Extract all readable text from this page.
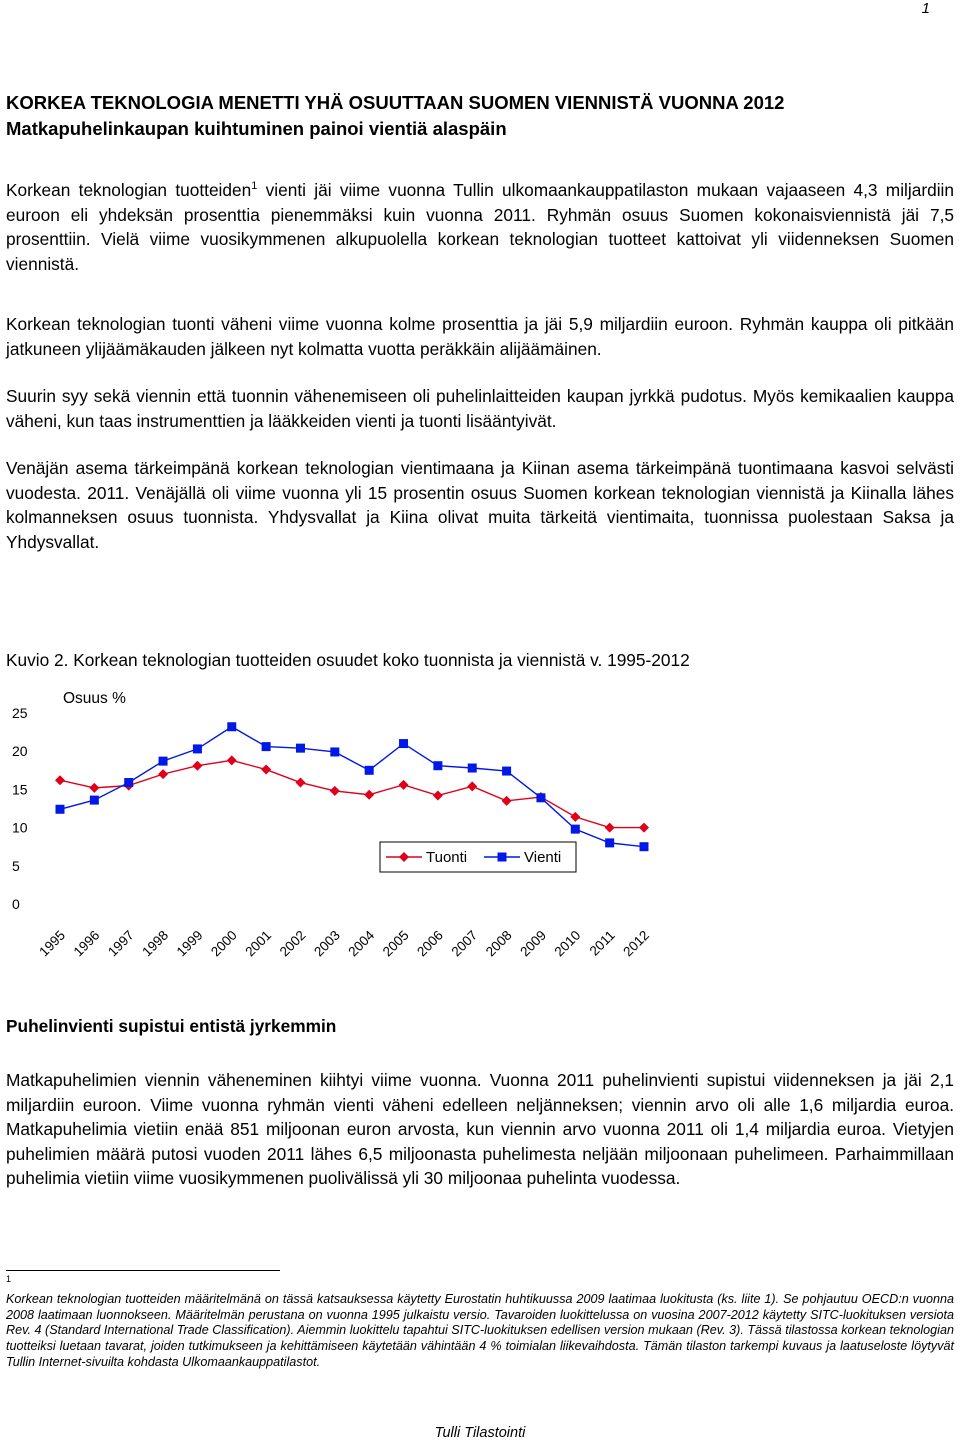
1
KORKEA TEKNOLOGIA MENETTI YHÄ OSUUTTAAN SUOMEN VIENNISTÄ VUONNA 2012
Matkapuhelinkaupan kuihtuminen painoi vientiä alaspäin
Korkean teknologian tuotteiden$^1$ vienti jäi viime vuonna Tullin ulkomaankauppatilaston mukaan vajaaseen 4,3 miljardiin euroon eli yhdeksän prosenttia pienemmäksi kuin vuonna 2011. Ryhmän osuus Suomen kokonaisviennistä jäi 7,5 prosenttiin. Vielä viime vuosikymmenen alkupuolella korkean teknologian tuotteet kattoivat yli viidenneksen Suomen viennistä.
Korkean teknologian tuonti väheni viime vuonna kolme prosenttia ja jäi 5,9 miljardiin euroon. Ryhmän kauppa oli pitkään jatkuneen ylijäämäkauden jälkeen nyt kolmatta vuotta peräkkäin alijäämäinen.
Suurin syy sekä viennin että tuonnin vähenemiseen oli puhelinlaitteiden kaupan jyrkkä pudotus. Myös kemikaalien kauppa väheni, kun taas instrumenttien ja lääkkeiden vienti ja tuonti lisääntyivät.
Venäjän asema tärkeimpänä korkean teknologian vientimaana ja Kiinan asema tärkeimpänä tuontimaana kasvoi selvästi vuodesta. 2011. Venäjällä oli viime vuonna yli 15 prosentin osuus Suomen korkean teknologian viennistä ja Kiinalla lähes kolmanneksen osuus tuonnista. Yhdysvallat ja Kiina olivat muita tärkeitä vientimaita, tuonnissa puolestaan Saksa ja Yhdysvallat.
Kuvio 2. Korkean teknologian tuotteiden osuudet koko tuonnista ja viennistä v. 1995-2012
Osuus %
0
5
10
15
20
25
1995 1996 1997 1998 1999 2000 2001 2002 2003 2004 2005 2006 2007 2008 2009 2010 2011 2012
Tuonti	Vienti
Puhelinvienti supistui entistä jyrkemmin
Matkapuhelimien viennin väheneminen kiihtyi viime vuonna. Vuonna 2011 puhelinvienti supistui viidenneksen ja jäi 2,1 miljardiin euroon. Viime vuonna ryhmän vienti väheni edelleen neljänneksen; viennin arvo oli alle 1,6 miljardia euroa. Matkapuhelimia vietiin enää 851 miljoonan euron arvosta, kun viennin arvo vuonna 2011 oli 1,4 miljardia euroa. Vietyjen puhelimien määrä putosi vuoden 2011 lähes 6,5 miljoonasta puhelimesta neljään miljoonaan puhelimeen. Parhaimmillaan puhelimia vietiin viime vuosikymmenen puolivälissä yli 30 miljoonaa puhelinta vuodessa.
$^1$
Korkean teknologian tuotteiden määritelmänä on tässä katsauksessa käytetty Eurostatin huhtikuussa 2009 laatimaa luokitusta (ks. liite 1). Se pohjautuu OECD:n vuonna 2008 laatimaan luonnokseen. Määritelmän perustana on vuonna 1995 julkaistu versio. Tavaroiden luokittelussa on vuosina 2007-2012 käytetty SITC-luokituksen versiota Rev. 4 (Standard International Trade Classification). Aiemmin luokittelu tapahtui SITC-luokituksen edellisen version mukaan (Rev. 3). Tässä tilastossa korkean teknologian tuotteiksi luetaan tavarat, joiden tutkimukseen ja kehittämiseen käytetään vähintään 4 % toimialan liikevaihdosta. Tämän tilaston tarkempi kuvaus ja laatuseloste löytyvät Tullin Internet-sivuilta kohdasta Ulkomaankauppatilastot.
Tulli Tilastointi
